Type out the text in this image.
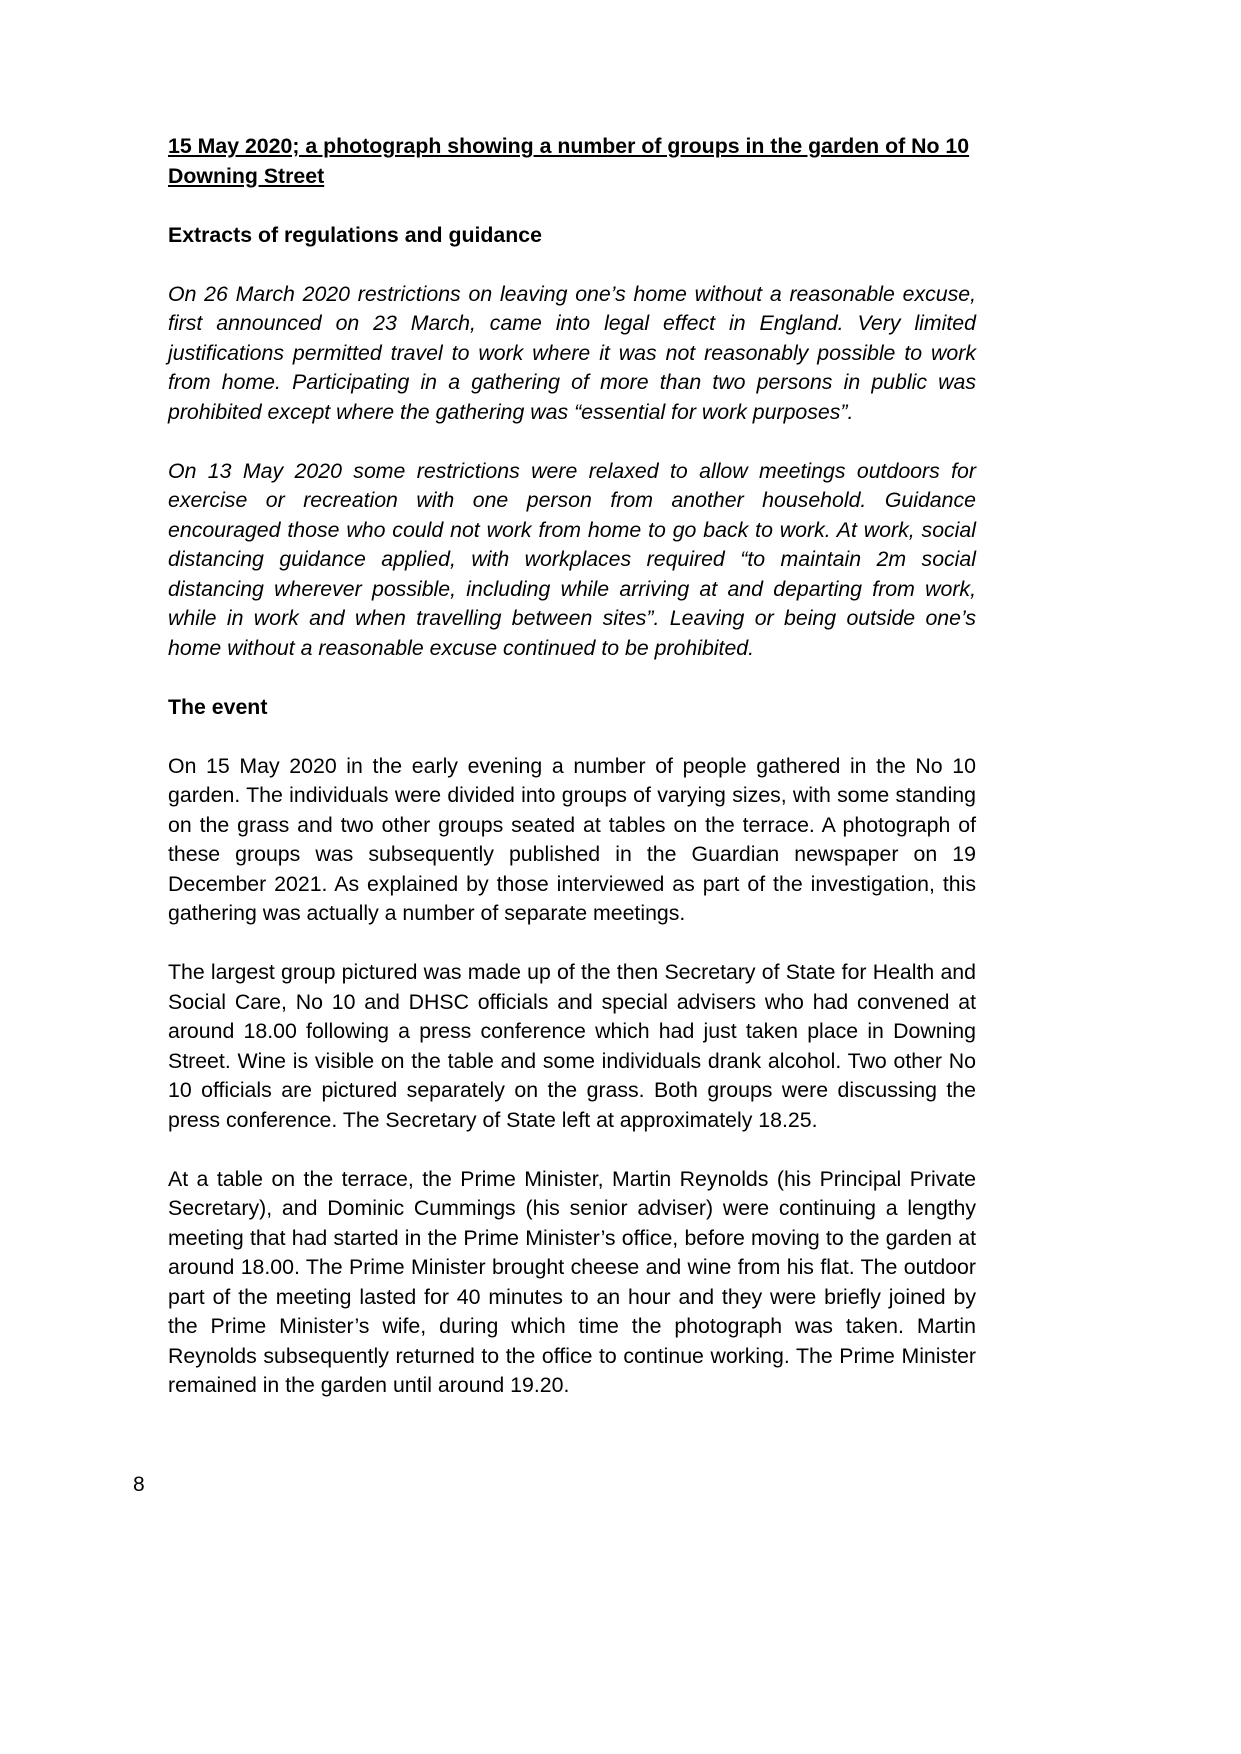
15 May 2020; a photograph showing a number of groups in the garden of No 10 Downing Street
Extracts of regulations and guidance

On 26 March 2020 restrictions on leaving one’s home without a reasonable excuse, first announced on 23 March, came into legal effect in England. Very limited justifications permitted travel to work where it was not reasonably possible to work from home. Participating in a gathering of more than two persons in public was prohibited except where the gathering was “essential for work purposes”.

On 13 May 2020 some restrictions were relaxed to allow meetings outdoors for exercise or recreation with one person from another household. Guidance encouraged those who could not work from home to go back to work. At work, social distancing guidance applied, with workplaces required “to maintain 2m social distancing wherever possible, including while arriving at and departing from work, while in work and when travelling between sites”. Leaving or being outside one’s home without a reasonable excuse continued to be prohibited.

The event

On 15 May 2020 in the early evening a number of people gathered in the No 10 garden. The individuals were divided into groups of varying sizes, with some standing on the grass and two other groups seated at tables on the terrace. A photograph of these groups was subsequently published in the Guardian newspaper on 19 December 2021. As explained by those interviewed as part of the investigation, this gathering was actually a number of separate meetings.

The largest group pictured was made up of the then Secretary of State for Health and Social Care, No 10 and DHSC officials and special advisers who had convened at around 18.00 following a press conference which had just taken place in Downing Street. Wine is visible on the table and some individuals drank alcohol. Two other No 10 officials are pictured separately on the grass. Both groups were discussing the press conference. The Secretary of State left at approximately 18.25.

At a table on the terrace, the Prime Minister, Martin Reynolds (his Principal Private Secretary), and Dominic Cummings (his senior adviser) were continuing a lengthy meeting that had started in the Prime Minister’s office, before moving to the garden at around 18.00. The Prime Minister brought cheese and wine from his flat. The outdoor part of the meeting lasted for 40 minutes to an hour and they were briefly joined by the Prime Minister’s wife, during which time the photograph was taken. Martin Reynolds subsequently returned to the office to continue working. The Prime Minister remained in the garden until around 19.20.

8
